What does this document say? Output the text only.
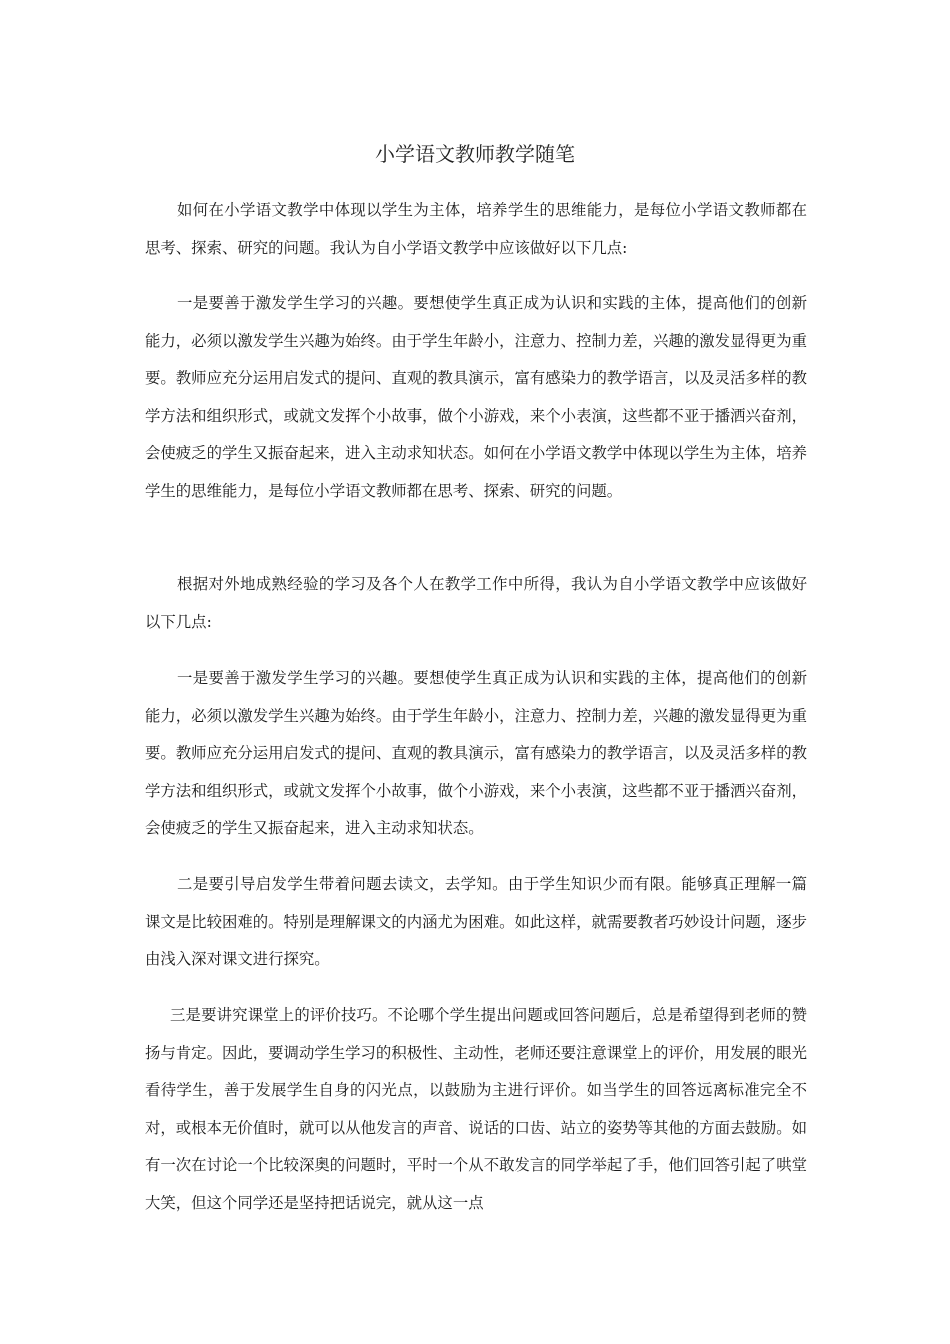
小学语文教师教学随笔

如何在小学语文教学中体现以学生为主体，培养学生的思维能力，是每位小学语文教师都在思考、探索、研究的问题。我认为自小学语文教学中应该做好以下几点:

一是要善于激发学生学习的兴趣。要想使学生真正成为认识和实践的主体，提高他们的创新能力，必须以激发学生兴趣为始终。由于学生年龄小，注意力、控制力差，兴趣的激发显得更为重要。教师应充分运用启发式的提问、直观的教具演示，富有感染力的教学语言，以及灵活多样的教学方法和组织形式，或就文发挥个小故事，做个小游戏，来个小表演，这些都不亚于播洒兴奋剂，会使疲乏的学生又振奋起来，进入主动求知状态。如何在小学语文教学中体现以学生为主体，培养学生的思维能力，是每位小学语文教师都在思考、探索、研究的问题。

根据对外地成熟经验的学习及各个人在教学工作中所得，我认为自小学语文教学中应该做好以下几点:

一是要善于激发学生学习的兴趣。要想使学生真正成为认识和实践的主体，提高他们的创新能力，必须以激发学生兴趣为始终。由于学生年龄小，注意力、控制力差，兴趣的激发显得更为重要。教师应充分运用启发式的提问、直观的教具演示，富有感染力的教学语言，以及灵活多样的教学方法和组织形式，或就文发挥个小故事，做个小游戏，来个小表演，这些都不亚于播洒兴奋剂，会使疲乏的学生又振奋起来，进入主动求知状态。

二是要引导启发学生带着问题去读文，去学知。由于学生知识少而有限。能够真正理解一篇课文是比较困难的。特别是理解课文的内涵尤为困难。如此这样，就需要教者巧妙设计问题，逐步由浅入深对课文进行探究。

三是要讲究课堂上的评价技巧。不论哪个学生提出问题或回答问题后，总是希望得到老师的赞扬与肯定。因此，要调动学生学习的积极性、主动性，老师还要注意课堂上的评价，用发展的眼光看待学生，善于发展学生自身的闪光点，以鼓励为主进行评价。如当学生的回答远离标准完全不对，或根本无价值时，就可以从他发言的声音、说话的口齿、站立的姿势等其他的方面去鼓励。如有一次在讨论一个比较深奥的问题时，平时一个从不敢发言的同学举起了手，他们回答引起了哄堂大笑，但这个同学还是坚持把话说完，就从这一点
